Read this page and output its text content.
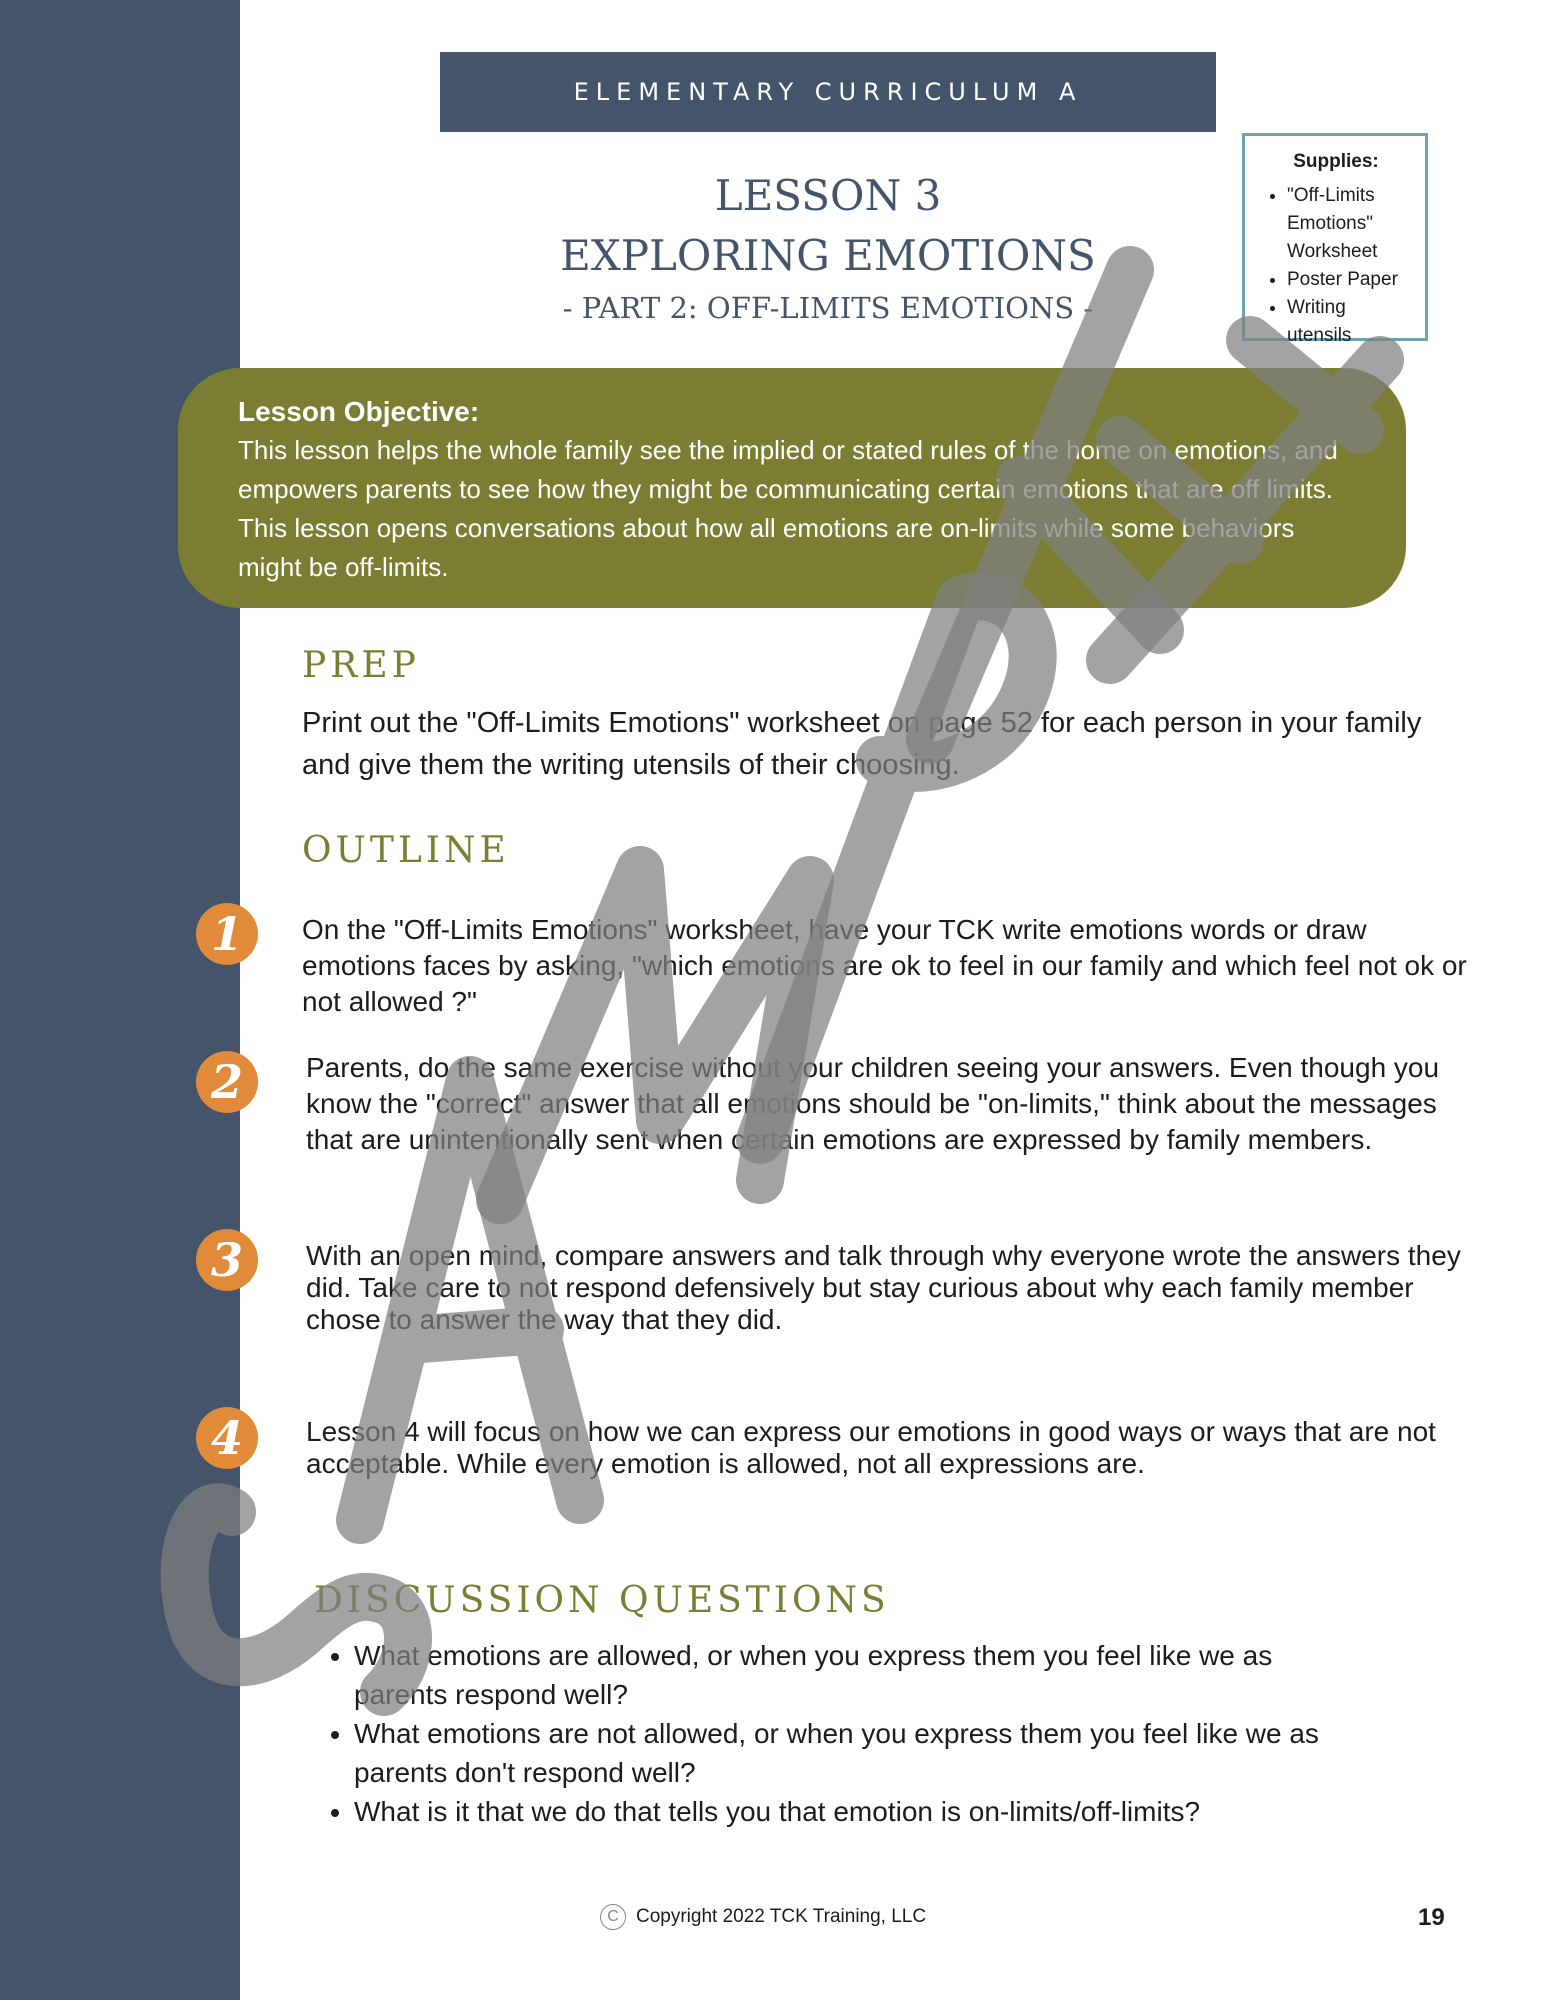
ELEMENTARY CURRICULUM A
LESSON 3
EXPLORING EMOTIONS
- PART 2: OFF-LIMITS EMOTIONS -
Supplies:
• "Off-Limits Emotions" Worksheet
• Poster Paper
• Writing utensils
Lesson Objective:
This lesson helps the whole family see the implied or stated rules of the home on emotions, and empowers parents to see how they might be communicating certain emotions that are off limits. This lesson opens conversations about how all emotions are on-limits while some behaviors might be off-limits.
PREP
Print out the "Off-Limits Emotions" worksheet on page 52 for each person in your family and give them the writing utensils of their choosing.
OUTLINE
1	On the "Off-Limits Emotions" worksheet, have your TCK write emotions words or draw emotions faces by asking, "which emotions are ok to feel in our family and which feel not ok or not allowed ?"
2	Parents, do the same exercise without your children seeing your answers. Even though you know the "correct" answer that all emotions should be "on-limits," think about the messages that are unintentionally sent when certain emotions are expressed by family members.
3	With an open mind, compare answers and talk through why everyone wrote the answers they did. Take care to not respond defensively but stay curious about why each family member chose to answer the way that they did.
4	Lesson 4 will focus on how we can express our emotions in good ways or ways that are not acceptable. While every emotion is allowed, not all expressions are.
DISCUSSION QUESTIONS
• What emotions are allowed, or when you express them you feel like we as parents respond well?
• What emotions are not allowed, or when you express them you feel like we as parents don't respond well?
• What is it that we do that tells you that emotion is on-limits/off-limits?
C Copyright 2022 TCK Training, LLC	19
